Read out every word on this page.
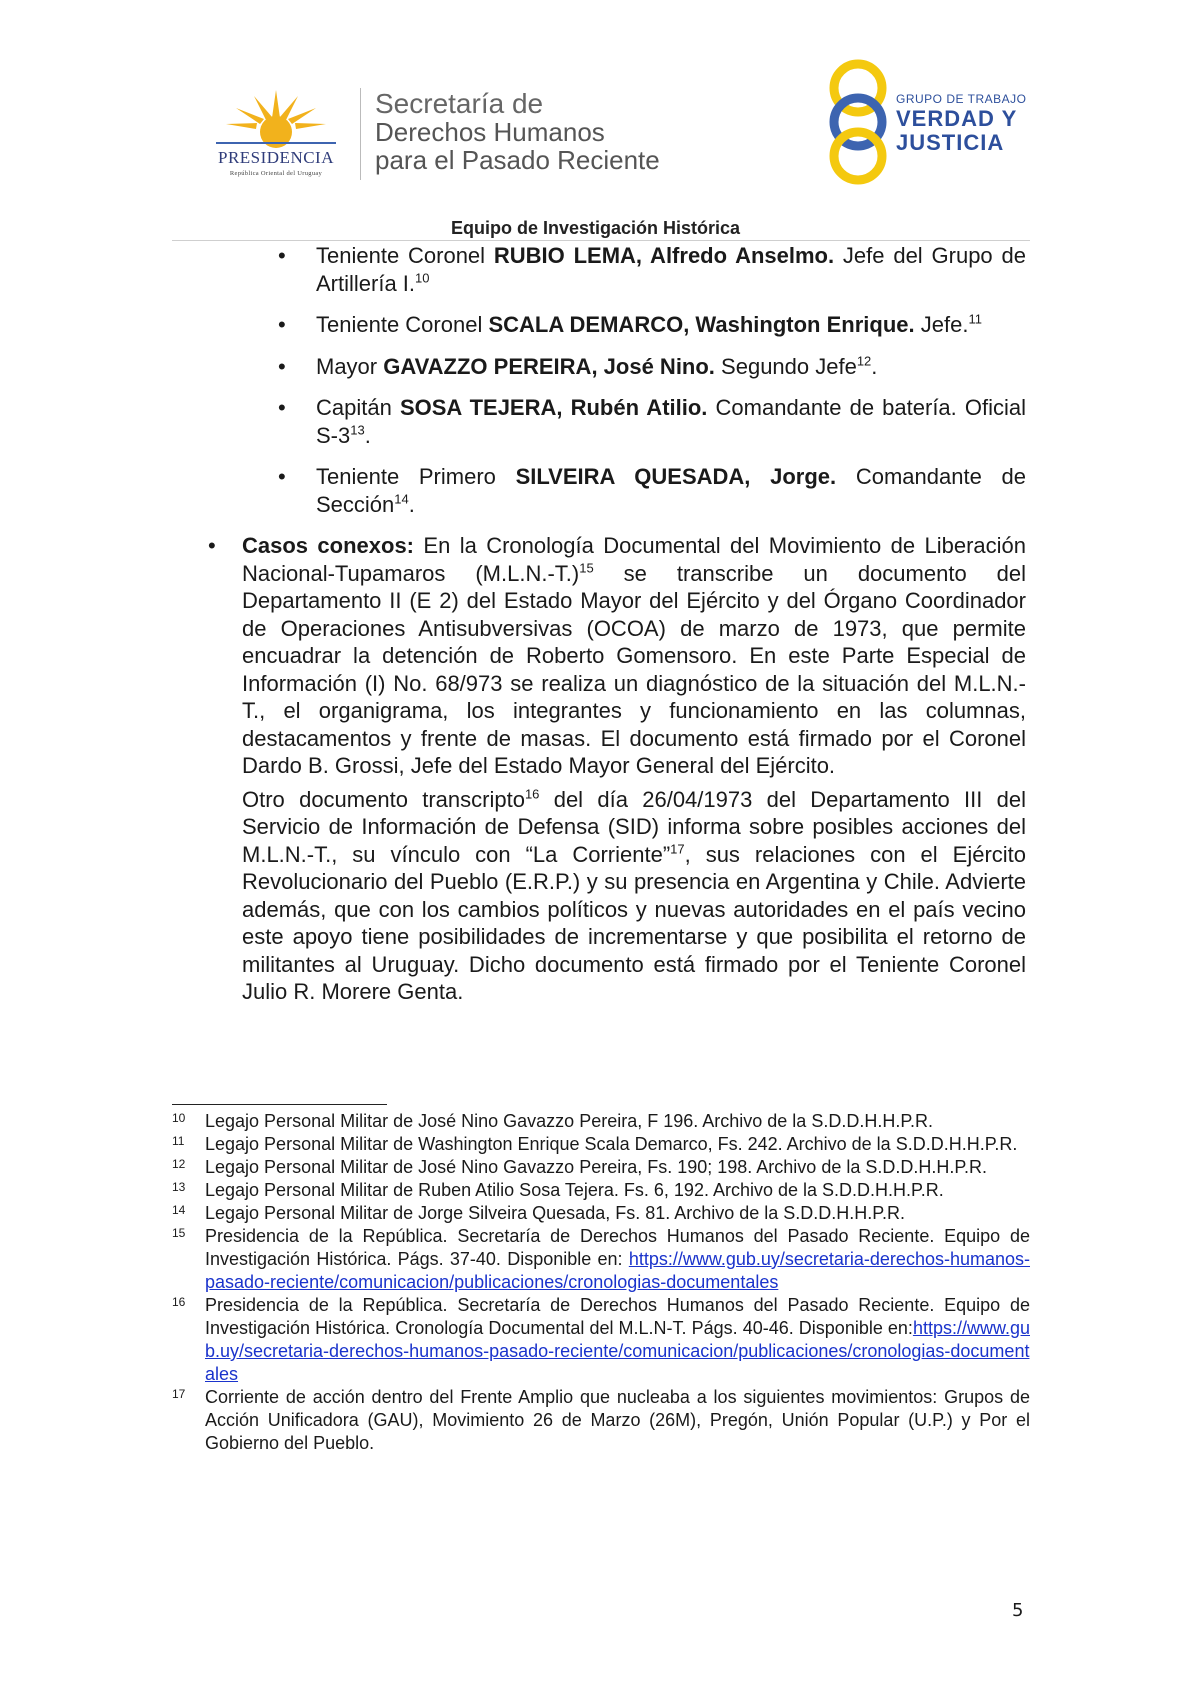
PRESIDENCIA
República Oriental del Uruguay
Secretaría de
Derechos Humanos
para el Pasado Reciente
GRUPO DE TRABAJO
VERDAD Y
JUSTICIA
Equipo de Investigación Histórica
• Teniente Coronel RUBIO LEMA, Alfredo Anselmo. Jefe del Grupo de Artillería I.$^{10}$
• Teniente Coronel SCALA DEMARCO, Washington Enrique. Jefe.$^{11}$
• Mayor GAVAZZO PEREIRA, José Nino. Segundo Jefe$^{12}$.
• Capitán SOSA TEJERA, Rubén Atilio. Comandante de batería. Oficial $S-3^{13}$.
• Teniente Primero SILVEIRA QUESADA, Jorge. Comandante de Sección$^{14}$.
• Casos conexos: En la Cronología Documental del Movimiento de Liberación Nacional-Tupamaros $(M.L.N.-T.)^{15}$ se transcribe un documento del Departamento II (E 2) del Estado Mayor del Ejército y del Órgano Coordinador de Operaciones Antisubversivas (OCOA) de marzo de 1973, que permite encuadrar la detención de Roberto Gomensoro. En este Parte Especial de Información (I) No. 68/973 se realiza un diagnóstico de la situación del M.L.N.-T., el organigrama, los integrantes y funcionamiento en las columnas, destacamentos y frente de masas. El documento está firmado por el Coronel Dardo B. Grossi, Jefe del Estado Mayor General del Ejército.

Otro documento transcripto$^{16}$ del día 26/04/1973 del Departamento III del Servicio de Información de Defensa (SID) informa sobre posibles acciones del M.L.N.-T., su vínculo con “La Corriente”$^{17}$, sus relaciones con el Ejército Revolucionario del Pueblo (E.R.P.) y su presencia en Argentina y Chile. Advierte además, que con los cambios políticos y nuevas autoridades en el país vecino este apoyo tiene posibilidades de incrementarse y que posibilita el retorno de militantes al Uruguay. Dicho documento está firmado por el Teniente Coronel Julio R. Morere Genta.

10 Legajo Personal Militar de José Nino Gavazzo Pereira, F 196. Archivo de la S.D.D.H.H.P.R.
11 Legajo Personal Militar de Washington Enrique Scala Demarco, Fs. 242. Archivo de la S.D.D.H.H.P.R.
12 Legajo Personal Militar de José Nino Gavazzo Pereira, Fs. 190; 198. Archivo de la S.D.D.H.H.P.R.
13 Legajo Personal Militar de Ruben Atilio Sosa Tejera. Fs. 6, 192. Archivo de la S.D.D.H.H.P.R.
14 Legajo Personal Militar de Jorge Silveira Quesada, Fs. 81. Archivo de la S.D.D.H.H.P.R.
15 Presidencia de la República. Secretaría de Derechos Humanos del Pasado Reciente. Equipo de Investigación Histórica. Págs. 37-40. Disponible en: https://www.gub.uy/secretaria-derechos-humanos-pasado-reciente/comunicacion/publicaciones/cronologias-documentales
16 Presidencia de la República. Secretaría de Derechos Humanos del Pasado Reciente. Equipo de Investigación Histórica. Cronología Documental del M.L.N-T. Págs. 40-46. Disponible en:https://www.gub.uy/secretaria-derechos-humanos-pasado-reciente/comunicacion/publicaciones/cronologias-documentales
17 Corriente de acción dentro del Frente Amplio que nucleaba a los siguientes movimientos: Grupos de Acción Unificadora (GAU), Movimiento 26 de Marzo (26M), Pregón, Unión Popular (U.P.) y Por el Gobierno del Pueblo.
5
